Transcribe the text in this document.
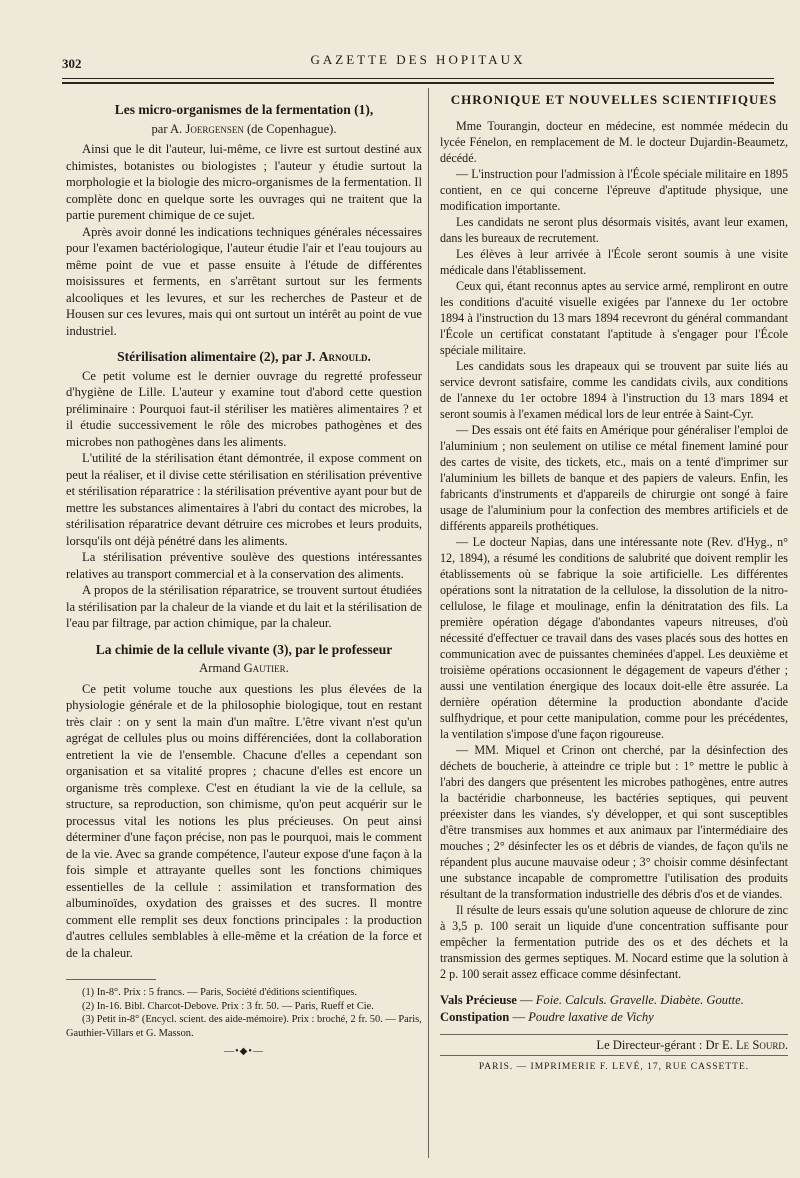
302	GAZETTE DES HOPITAUX
Les micro-organismes de la fermentation (1),
par A. Joergensen (de Copenhague).

Ainsi que le dit l'auteur, lui-même, ce livre est surtout destiné aux chimistes, botanistes ou biologistes ; l'auteur y étudie surtout la morphologie et la biologie des micro-organismes de la fermentation. Il complète donc en quelque sorte les ouvrages qui ne traitent que la partie purement chimique de ce sujet.

Après avoir donné les indications techniques générales nécessaires pour l'examen bactériologique, l'auteur étudie l'air et l'eau toujours au même point de vue et passe ensuite à l'étude de différentes moisissures et ferments, en s'arrêtant surtout sur les ferments alcooliques et les levures, et sur les recherches de Pasteur et de Housen sur ces levures, mais qui ont surtout un intérêt au point de vue industriel.

Stérilisation alimentaire (2), par J. Arnould.

Ce petit volume est le dernier ouvrage du regretté professeur d'hygiène de Lille. L'auteur y examine tout d'abord cette question préliminaire : Pourquoi faut-il stériliser les matières alimentaires ? et il étudie successivement le rôle des microbes pathogènes et des microbes non pathogènes dans les aliments.

L'utilité de la stérilisation étant démontrée, il expose comment on peut la réaliser, et il divise cette stérilisation en stérilisation préventive et stérilisation réparatrice : la stérilisation préventive ayant pour but de mettre les substances alimentaires à l'abri du contact des microbes, la stérilisation réparatrice devant détruire ces microbes et leurs produits, lorsqu'ils ont déjà pénétré dans les aliments.

La stérilisation préventive soulève des questions intéressantes relatives au transport commercial et à la conservation des aliments.

A propos de la stérilisation réparatrice, se trouvent surtout étudiées la stérilisation par la chaleur de la viande et du lait et la stérilisation de l'eau par filtrage, par action chimique, par la chaleur.

La chimie de la cellule vivante (3), par le professeur
Armand Gautier.

Ce petit volume touche aux questions les plus élevées de la physiologie générale et de la philosophie biologique, tout en restant très clair : on y sent la main d'un maître. L'être vivant n'est qu'un agrégat de cellules plus ou moins différenciées, dont la collaboration entretient la vie de l'ensemble. Chacune d'elles a cependant son organisation et sa vitalité propres ; chacune d'elles est encore un organisme très complexe. C'est en étudiant la vie de la cellule, sa structure, sa reproduction, son chimisme, qu'on peut acquérir sur le processus vital les notions les plus précieuses. On peut ainsi déterminer d'une façon précise, non pas le pourquoi, mais le comment de la vie. Avec sa grande compétence, l'auteur expose d'une façon à la fois simple et attrayante quelles sont les fonctions chimiques essentielles de la cellule : assimilation et transformation des albuminoïdes, oxydation des graisses et des sucres. Il montre comment elle remplit ses deux fonctions principales : la production d'autres cellules semblables à elle-même et la création de la force et de la chaleur.

(1) In-8°. Prix : 5 francs. — Paris, Société d'éditions scientifiques.

(2) In-16. Bibl. Charcot-Debove. Prix : 3 fr. 50. — Paris, Rueff et Cie.

(3) Petit in-8° (Encycl. scient. des aide-mémoire). Prix : broché, 2 fr. 50. — Paris, Gauthier-Villars et G. Masson.

—•◆•—
CHRONIQUE ET NOUVELLES SCIENTIFIQUES

Mme Tourangin, docteur en médecine, est nommée médecin du lycée Fénelon, en remplacement de M. le docteur Dujardin-Beaumetz, décédé.

— L'instruction pour l'admission à l'École spéciale militaire en 1895 contient, en ce qui concerne l'épreuve d'aptitude physique, une modification importante.

Les candidats ne seront plus désormais visités, avant leur examen, dans les bureaux de recrutement.

Les élèves à leur arrivée à l'École seront soumis à une visite médicale dans l'établissement.

Ceux qui, étant reconnus aptes au service armé, rempliront en outre les conditions d'acuité visuelle exigées par l'annexe du 1er octobre 1894 à l'instruction du 13 mars 1894 recevront du général commandant l'École un certificat constatant l'aptitude à s'engager pour l'École spéciale militaire.

Les candidats sous les drapeaux qui se trouvent par suite liés au service devront satisfaire, comme les candidats civils, aux conditions de l'annexe du 1er octobre 1894 à l'instruction du 13 mars 1894 et seront soumis à l'examen médical lors de leur entrée à Saint-Cyr.

— Des essais ont été faits en Amérique pour généraliser l'emploi de l'aluminium ; non seulement on utilise ce métal finement laminé pour des cartes de visite, des tickets, etc., mais on a tenté d'imprimer sur l'aluminium les billets de banque et des papiers de valeurs. Enfin, les fabricants d'instruments et d'appareils de chirurgie ont songé à faire usage de l'aluminium pour la confection des membres artificiels et de différents appareils prothétiques.

— Le docteur Napias, dans une intéressante note (Rev. d'Hyg., n° 12, 1894), a résumé les conditions de salubrité que doivent remplir les établissements où se fabrique la soie artificielle. Les différentes opérations sont la nitratation de la cellulose, la dissolution de la nitro-cellulose, le filage et moulinage, enfin la dénitratation des fils. La première opération dégage d'abondantes vapeurs nitreuses, d'où nécessité d'effectuer ce travail dans des vases placés sous des hottes en communication avec de puissantes cheminées d'appel. Les deuxième et troisième opérations occasionnent le dégagement de vapeurs d'éther ; aussi une ventilation énergique des locaux doit-elle être assurée. La dernière opération détermine la production abondante d'acide sulfhydrique, et pour cette manipulation, comme pour les précédentes, la ventilation s'impose d'une façon rigoureuse.

— MM. Miquel et Crinon ont cherché, par la désinfection des déchets de boucherie, à atteindre ce triple but : 1° mettre le public à l'abri des dangers que présentent les microbes pathogènes, entre autres la bactéridie charbonneuse, les bactéries septiques, qui peuvent préexister dans les viandes, s'y développer, et qui sont susceptibles d'être transmises aux hommes et aux animaux par l'intermédiaire des mouches ; 2° désinfecter les os et débris de viandes, de façon qu'ils ne répandent plus aucune mauvaise odeur ; 3° choisir comme désinfectant une substance incapable de compromettre l'utilisation des produits résultant de la transformation industrielle des débris d'os et de viandes.

Il résulte de leurs essais qu'une solution aqueuse de chlorure de zinc à 3,5 p. 100 serait un liquide d'une concentration suffisante pour empêcher la fermentation putride des os et des déchets et la transmission des germes septiques. M. Nocard estime que la solution à 2 p. 100 serait assez efficace comme désinfectant.

Vals Précieuse — Foie. Calculs. Gravelle. Diabète. Goutte.
Constipation — Poudre laxative de Vichy
Le Directeur-gérant : Dr E. Le Sourd.
PARIS. — IMPRIMERIE F. LEVÉ, 17, RUE CASSETTE.
